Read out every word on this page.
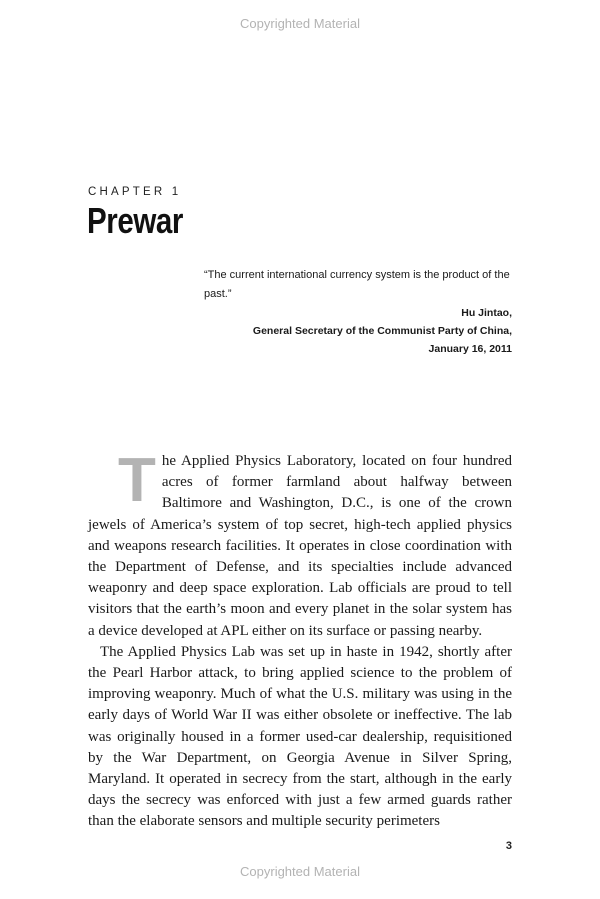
Copyrighted Material
CHAPTER 1
Prewar

“The current international currency system is the product of the past.”

Hu Jintao,

General Secretary of the Communist Party of China,

January 16, 2011

The Applied Physics Laboratory, located on four hundred acres of former farmland about halfway between Baltimore and Washington, D.C., is one of the crown jewels of America’s system of top secret, high-tech applied physics and weapons research facilities. It operates in close coordination with the Department of Defense, and its specialties include advanced weaponry and deep space exploration. Lab officials are proud to tell visitors that the earth’s moon and every planet in the solar system has a device developed at APL either on its surface or passing nearby.

The Applied Physics Lab was set up in haste in 1942, shortly after the Pearl Harbor attack, to bring applied science to the problem of improving weaponry. Much of what the U.S. military was using in the early days of World War II was either obsolete or ineffective. The lab was originally housed in a former used-car dealership, requisitioned by the War Department, on Georgia Avenue in Silver Spring, Maryland. It operated in secrecy from the start, although in the early days the secrecy was enforced with just a few armed guards rather than the elaborate sensors and multiple security perimeters

3
Copyrighted Material
